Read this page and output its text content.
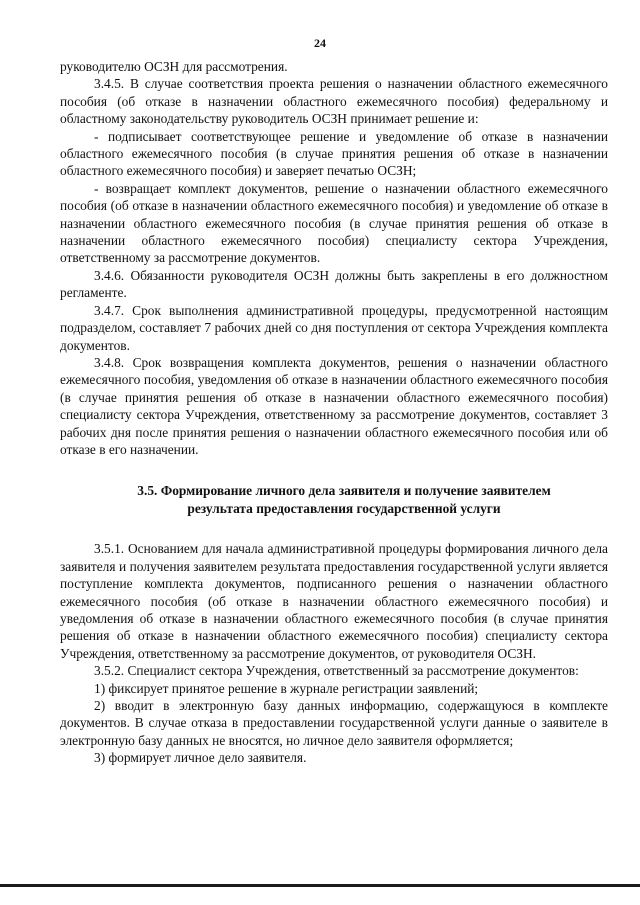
24

руководителю ОСЗН для рассмотрения.

3.4.5. В случае соответствия проекта решения о назначении областного ежемесячного пособия (об отказе в назначении областного ежемесячного пособия) федеральному и областному законодательству руководитель ОСЗН принимает решение и:

- подписывает соответствующее решение и уведомление об отказе в назначении областного ежемесячного пособия (в случае принятия решения об отказе в назначении областного ежемесячного пособия) и заверяет печатью ОСЗН;

- возвращает комплект документов, решение о назначении областного ежемесячного пособия (об отказе в назначении областного ежемесячного пособия) и уведомление об отказе в назначении областного ежемесячного пособия (в случае принятия решения об отказе в назначении областного ежемесячного пособия) специалисту сектора Учреждения, ответственному за рассмотрение документов.

3.4.6. Обязанности руководителя ОСЗН должны быть закреплены в его должностном регламенте.

3.4.7. Срок выполнения административной процедуры, предусмотренной настоящим подразделом, составляет 7 рабочих дней со дня поступления от сектора Учреждения комплекта документов.

3.4.8. Срок возвращения комплекта документов, решения о назначении областного ежемесячного пособия, уведомления об отказе в назначении областного ежемесячного пособия (в случае принятия решения об отказе в назначении областного ежемесячного пособия) специалисту сектора Учреждения, ответственному за рассмотрение документов, составляет 3 рабочих дня после принятия решения о назначении областного ежемесячного пособия или об отказе в его назначении.

3.5. Формирование личного дела заявителя и получение заявителем результата предоставления государственной услуги

3.5.1. Основанием для начала административной процедуры формирования личного дела заявителя и получения заявителем результата предоставления государственной услуги является поступление комплекта документов, подписанного решения о назначении областного ежемесячного пособия (об отказе в назначении областного ежемесячного пособия) и уведомления об отказе в назначении областного ежемесячного пособия (в случае принятия решения об отказе в назначении областного ежемесячного пособия) специалисту сектора Учреждения, ответственному за рассмотрение документов, от руководителя ОСЗН.

3.5.2. Специалист сектора Учреждения, ответственный за рассмотрение документов:

1) фиксирует принятое решение в журнале регистрации заявлений;

2) вводит в электронную базу данных информацию, содержащуюся в комплекте документов. В случае отказа в предоставлении государственной услуги данные о заявителе в электронную базу данных не вносятся, но личное дело заявителя оформляется;

3) формирует личное дело заявителя.
